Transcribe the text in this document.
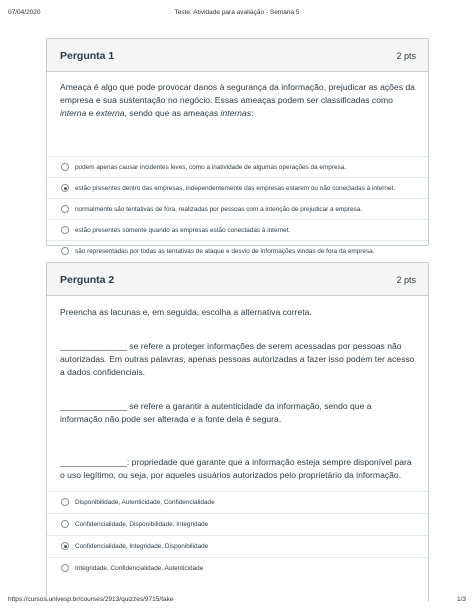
07/04/2020	Teste: Atividade para avaliação - Semana 5
Pergunta 1	2 pts
Ameaça é algo que pode provocar danos à segurança da informação, prejudicar as ações da empresa e sua sustentação no negócio. Essas ameaças podem ser classificadas como interna e externa, sendo que as ameaças internas:
podem apenas causar incidentes leves, como a inatividade de algumas operações da empresa.
estão presentes dentro das empresas, independentemente das empresas estarem ou não conectadas à internet.
normalmente são tentativas de fora, realizadas por pessoas com a intenção de prejudicar a empresa.
estão presentes somente quando as empresas estão conectadas à internet.
são representadas por todas as tentativas de ataque e desvio de informações vindas de fora da empresa.
Pergunta 2	2 pts
Preencha as lacunas e, em seguida, escolha a alternativa correta.
______________ se refere a proteger informações de serem acessadas por pessoas não autorizadas. Em outras palavras, apenas pessoas autorizadas a fazer isso podem ter acesso a dados confidenciais.
______________ se refere a garantir a autenticidade da informação, sendo que a informação não pode ser alterada e a fonte dela é segura.
______________: propriedade que garante que a informação esteja sempre disponível para o uso legítimo, ou seja, por aqueles usuários autorizados pelo proprietário da informação.
Disponibilidade, Autenticidade, Confidencialidade
Confidencialidade, Disponibilidade, Integridade
Confidencialidade, Integridade, Disponibilidade
Integridade, Confidencialidade, Autenticidade
https://cursos.univesp.br/courses/2913/quizzes/9715/take	1/3
